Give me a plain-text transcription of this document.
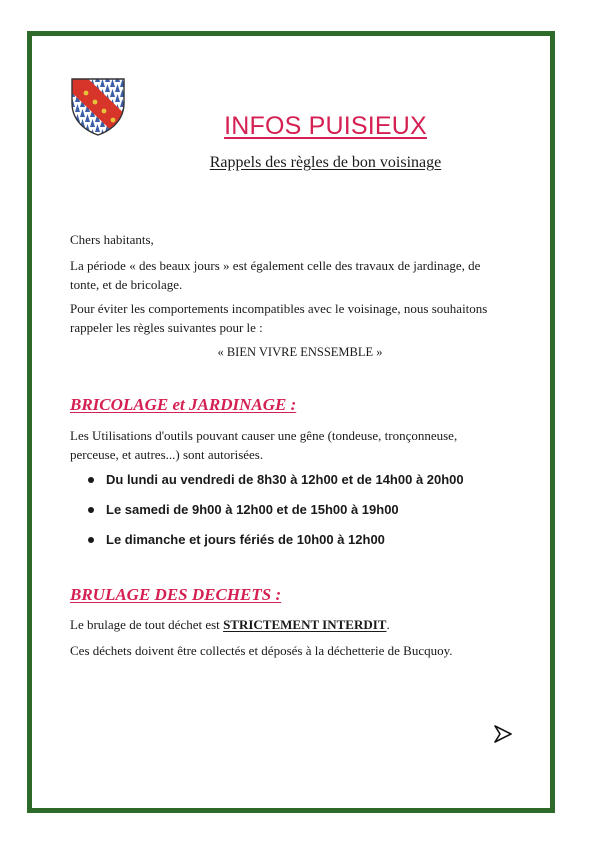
INFOS PUISIEUX
Rappels des règles de bon voisinage
Chers habitants,
La période « des beaux jours » est également celle des travaux de jardinage, de tonte, et de bricolage.
Pour éviter les comportements incompatibles avec le voisinage, nous souhaitons rappeler les règles suivantes pour le :
« BIEN VIVRE ENSSEMBLE »
BRICOLAGE et JARDINAGE :
Les Utilisations d'outils pouvant causer une gêne (tondeuse, tronçonneuse, perceuse, et autres...) sont autorisées.
Du lundi au vendredi de 8h30 à 12h00 et de 14h00 à 20h00
Le samedi de 9h00 à 12h00 et de 15h00 à 19h00
Le dimanche et jours fériés de 10h00 à 12h00
BRULAGE DES DECHETS :
Le brulage de tout déchet est STRICTEMENT INTERDIT.
Ces déchets doivent être collectés et déposés à la déchetterie de Bucquoy.
